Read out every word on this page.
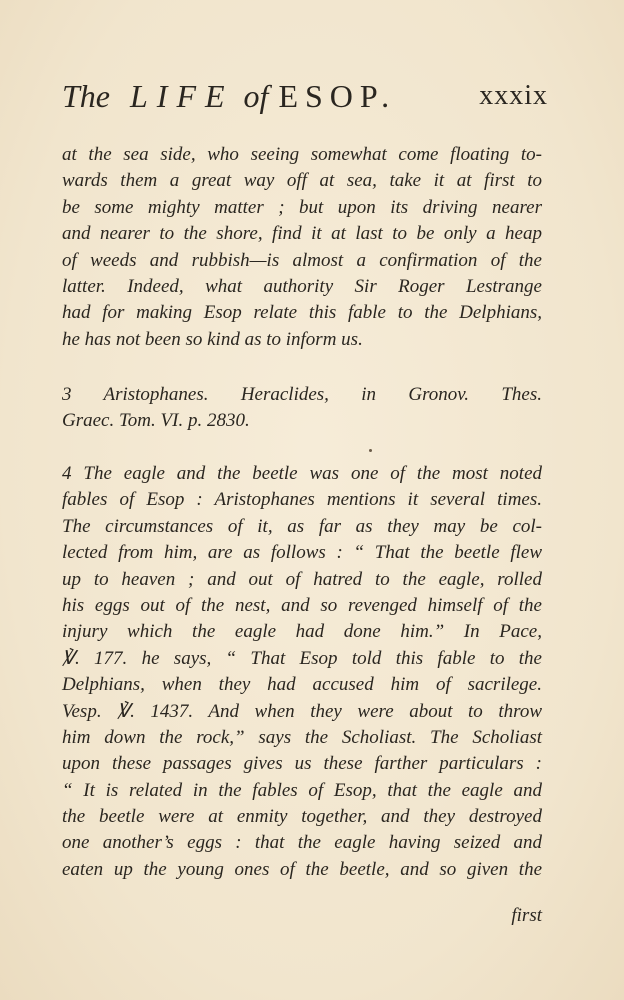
The LIFE of ESOP.	xxxix
at the sea side, who seeing somewhat come floating to-
wards them a great way off at sea, take it at first to
be some mighty matter ; but upon its driving nearer
and nearer to the shore, find it at last to be only a heap
of weeds and rubbish—is almost a confirmation of the
latter. Indeed, what authority Sir Roger Lestrange
had for making Esop relate this fable to the Delphians,
he has not been so kind as to inform us.
3 Aristophanes. Heraclides, in Gronov. Thes.
Graec. Tom. VI. p. 2830.
4 The eagle and the beetle was one of the most noted
fables of Esop : Aristophanes mentions it several times.
The circumstances of it, as far as they may be col-
lected from him, are as follows : “ That the beetle flew
up to heaven ; and out of hatred to the eagle, rolled
his eggs out of the nest, and so revenged himself of the
injury which the eagle had done him.” In Pace,
℣. 177. he says, “ That Esop told this fable to the
Delphians, when they had accused him of sacrilege.
Vesp. ℣. 1437. And when they were about to throw
him down the rock,” says the Scholiast. The Scholiast
upon these passages gives us these farther particulars :
“ It is related in the fables of Esop, that the eagle and
the beetle were at enmity together, and they destroyed
one another’s eggs : that the eagle having seized and
eaten up the young ones of the beetle, and so given the
first
